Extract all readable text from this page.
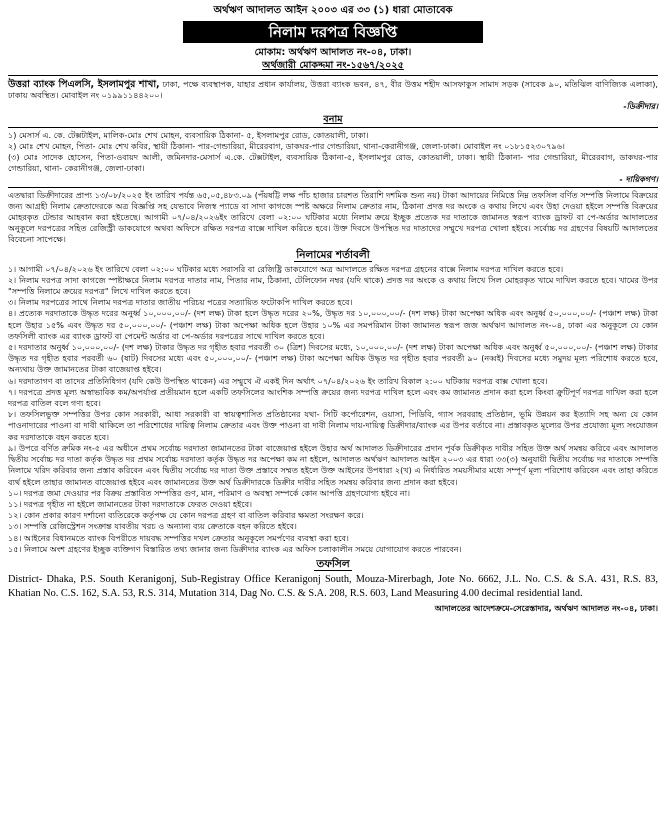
অর্থঋণ আদালত আইন ২০০৩ এর ৩৩ (১) ধারা মোতাবেক
নিলাম দরপত্র বিজ্ঞপ্তি
মোকাম: অর্থঋণ আদালত নং-০৪, ঢাকা।
অর্থজারী মোকদ্দমা নং-১৫৬৭/২০২৫

উত্তরা ব্যাংক পিএলসি, ইসলামপুর শাখা, ঢাকা, পক্ষে ব্যবস্থাপক, যাহার প্রধান কার্যালয়, উত্তরা ব্যাংক ভবন, ৪৭, বীর উত্তম শহীদ আসফাকুস সামাদ সড়ক (সাবেক ৯০, মতিঝিল বাণিজ্যিক এলাকা), ঢাকায় অবস্থিত। মোবাইল নং ০১৯৯১১৪৪২০০।

-ডিক্রীদার।

বনাম

১) মেসার্স এ. কে. টেক্সটাইল, মালিক-মোঃ শেখ মোহন, ব্যবসায়িক ঠিকানা- ৫, ইসলামপুর রোড, কোতয়ালী, ঢাকা।

২) মোঃ শেখ মোহন, পিতা- মোঃ শেখ কবির, স্থায়ী ঠিকানা- পার-গেন্ডারিয়া, মীরেরবাগ, ডাকঘর-পার গেন্ডারিয়া, থানা-কেরানীগঞ্জ, জেলা-ঢাকা। মোবাইল নং ০১৮১৫২৩০৭৯৬।

(৩) মোঃ সাদেক হোসেন, পিতা-ওবায়দ আলী, জমিনদার-মেসার্স এ.কে. টেক্সটাইল, ব্যবসায়িক ঠিকানা-৫, ইসলামপুর রোড, কোতয়ালী, ঢাকা। স্থায়ী ঠিকানা- পার গেন্ডারিয়া, মীরেরবাগ, ডাকঘর-পার গেন্ডারিয়া, থানা- কেরানীগঞ্জ, জেলা-ঢাকা।

- দায়িকগণ।

এতদ্বারা ডিক্রীদারের প্রাপ্য ১৩/০৮/২০২৫ ইং তারিখ পর্যন্ত ৬৫,০৫,৪৮৩.০৯ (পঁয়ষট্টি লক্ষ পাঁচ হাজার চারশত তিরাশি দশমিক শুন্য নয়) টাকা আদায়ের নিমিত্তে নিম্ন তফসিল বর্ণিত সম্পত্তি নিলামে বিক্রয়ের জন্য আগ্রহী নিলাম ক্রেতাদেরকে অত্র বিজ্ঞপ্তি সহ যেভাবে নিজস্ব প্যাডে বা সাদা কাগজে স্পষ্ট অক্ষরে নিলাম ক্রেতার নাম, ঠিকানা প্রদত্ত দর অংকে ও কথায় লিখে এবং উহা দেওয়া হইলে সম্পত্তি বিক্রয়ের মোহরকৃত টেন্ডার আহবান করা হইতেছে। আগামী ০৭/০৪/২০২৬ইং তারিখে বেলা ০২:০০ ঘটিকার মধ্যে নিলাম ক্রয়ে ইচ্ছুক প্রত্যেক দর দাতাকে জামানত স্বরূপ ব্যাংক ড্রাফট বা পে-অর্ডার আদালতের অনুকূলে দরপত্রের সহিত রেজিস্ট্রী ডাকযোগে অথবা অফিসে রক্ষিত দরপত্র বাক্সে দাখিল করিতে হবে। উক্ত দিবসে উপস্থিত দর দাতাদের সম্মুখে দরপত্র খোলা হইবে। সর্বোচ্চ দর গ্রহণের বিষয়টি আদালতের বিবেচনা সাপেক্ষে।

নিলামের শর্তাবলী

১। আগামী ০৭/০৪/২০২৬ ইং তারিখে বেলা ০২:০০ ঘটিকার মধ্যে সরাসরি বা রেজিষ্ট্রি ডাকযোগে অত্র আদালতে রক্ষিত দরপত্র গ্রহনের বাক্সে নিলাম দরপত্র দাখিল করতে হবে।

২। নিলাম দরপত্র সাদা কাগজে স্পষ্টাক্ষরে নিলাম দরপত্র দাতার নাম, পিতার নাম, ঠিকানা, টেলিফোন নম্বর (যদি থাকে) প্রদত্ত দর অংকে ও কথায় লিখে সিল মোহরকৃত খামে দাখিল করতে হবে। খামের উপর "সম্পত্তি নিলামে ক্রয়ের দরপত্র" লিখে দাখিল করতে হবে।

৩। নিলাম দরপত্রের সাথে নিলাম দরপত্র দাতার জাতীয় পরিচয় পত্রের সত্যায়িত ফটোকপি দাখিল করতে হবে।

৪। প্রত্যেক দরদাতাকে উদ্ধৃত দরের অনুর্ধ্ব ১০,০০০,০০/- (দশ লক্ষ) টাকা হলে উদ্ধৃত দরের ২০%, উদ্ধৃত দর ১০,০০০,০০/- (দশ লক্ষ) টাকা অপেক্ষা অধিক এবং অনুর্ধ্ব ৫০,০০০,০০/- (পঞ্চাশ লক্ষ) টাকা হলে উহার ১৫% এবং উদ্ধৃত দর ৫০,০০০,০০/- (পঞ্চাশ লক্ষ) টাকা অপেক্ষা অধিক হলে উহার ১০% এর সমপরিমান টাকা জামানত স্বরূপ জজ অর্থঋণ আদালত নং-০৪, ঢাকা এর অনুকূলে যে কোন তফসিলী ব্যাংক এর ব্যাংক ড্রাফট বা পেমেন্ট অর্ডার বা পে-অর্ডার দরপত্রের সাথে দাখিল করতে হবে।

৫। দরদাতার অনুর্ধ্ব ১০,০০০,০০/- (দশ লক্ষ) টাকার উদ্ধৃত দর গৃহীত হবার পরবর্তী ৩০ (ত্রিশ) দিবসের মধ্যে, ১০,০০০,০০/- (দশ লক্ষ) টাকা অপেক্ষা অধিক এবং অনুর্ধ্ব ৫০,০০০,০০/- (পঞ্চাশ লক্ষ) টাকার উদ্ধৃত দর গৃহীত হবার পরবর্তী ৬০ (ষাট) দিবসের মধ্যে এবং ৫০,০০০,০০/- (পঞ্চাশ লক্ষ) টাকা অপেক্ষা অধিক উদ্ধৃত দর গৃহীত হবার পরবর্তী ৯০ (নব্বই) দিবসের মধ্যে সমুদয় মূল্য পরিশোধ করতে হবে, অন্যথায় উক্ত জামানতের টাকা বাজেয়াপ্ত হইবে।

৬। দরদাতাগণ বা তাদের প্রতিনিধিগণ (যদি কেউ উপস্থিত থাকেন) এর সম্মুখে ঐ একই দিন অর্থাৎ ০৭/০৪/২০২৬ ইং তারিখ বিকাল ২:০০ ঘটিকায় দরপত্র বাক্স খোলা হবে।

৭। দরপত্রে প্রদত্ত মূল্য অস্বাভাবিক কম/অপর্যাপ্ত প্রতীয়মান হলে একটি তফসিলের আংশিক সম্পত্তি ক্রয়ের জন্য দরপত্র দাখিল হলে এবং কম জামানত প্রদান করা হলে কিংবা ক্রুটিপূর্ণ দরপত্র দাখিল করা হলে দরপত্র বাতিল বলে গণ্য হবে।

৮। তফসিলভুক্ত সম্পত্তির উপর কোন সরকারী, আধা সরকারী বা স্বায়ত্বশাসিত প্রতিষ্ঠানের যথা- সিটি কর্পোরেশন, ওয়াসা, পিডিবি, গ্যাস সরবরাহ প্রতিষ্ঠান, ভূমি উন্নয়ন কর ইত্যাদি সহ অন্য যে কোন পাওনাদারের পাওনা বা দাবী থাকিলে তা পরিশোধের দায়িত্ব নিলাম ক্রেতার এবং উক্ত পাওনা বা দাবী নিলাম দায়-দায়িত্ব ডিক্রীদার/ব্যাংক এর উপর বর্তাবে না। প্রস্তাবকৃত মূল্যের উপর প্রযোজ্য মূল্য সংযোজন কর দরদাতাকে বহন করতে হবে।

৯। উপরে বর্ণিত ক্রমিক নং-৫ এর অধীনে প্রথম সর্বোচ্চ দরদাতা জামানতের টাকা বাজেয়াপ্ত হইলে উহার অর্থ আদালত ডিক্রীদারের প্রদান পূর্বক ডিক্রীকৃত দাবীর সহিত উক্ত অর্থ সমন্বয় করিবে এবং আদালত দ্বিতীয় সর্বোচ্চ দর দাতা কর্তৃক উদ্ধৃত দর প্রথম সর্বোচ্চ দরদাতা কর্তৃক উদ্ধৃত দর অপেক্ষা কম না হইলে, আদালত অর্থঋণ আদালত আইন ২০০৩ এর ধারা ৩৩(৩) অনুযায়ী দ্বিতীয় সর্বোচ্চ দর দাতাকে সম্পত্তি নিলামে খরিদ করিবার জন্য প্রস্তাব করিবেন এবং দ্বিতীয় সর্বোচ্চ দর দাতা উক্ত প্রস্তাবে সম্মত হইলে উক্ত আইনের উপধারা ২(খ) এ নির্ধারিত সময়সীমার মধ্যে সম্পূর্ণ মূল্য পরিশোধ করিবেন এবং তাহা করিতে ব্যর্থ হইলে তাহার জামানত বাজেয়াপ্ত হইবে এবং জামানতের উক্ত অর্থ ডিক্রীদারকে ডিক্রীর দাবীর সহিত সমন্বয় করিবার জন্য প্রদান করা হইবে।

১০। দরপত্র জমা দেওয়ার পর বিক্রয় প্রস্তাবিত সম্পত্তির গুণ, মান, পরিমাণ ও অবস্থা সম্পর্কে কোন আপত্তি গ্রহণযোগ্য হইবে না।

১১। দরপত্র গৃহীত না হইলে জামানতের টাকা দরদাতাকে ফেরত দেওয়া হইবে।

১২। কোন প্রকার কারণ দর্শানো ব্যতিরেকে কর্তৃপক্ষ যে কোন দরপত্র গ্রহণ বা বাতিল করিবার ক্ষমতা সংরক্ষণ করে।

১৩। সম্পত্তি রেজিস্ট্রেশন সংক্রান্ত যাবতীয় খরচ ও অন্যান্য ব্যয় ক্রেতাকে বহন করিতে হইবে।

১৪। আইনের বিধানমতে ব্যাংক বিপরীতে দায়বদ্ধ সম্পত্তির দখল ক্রেতার অনুকূলে সমর্পণের ব্যবস্থা করা হবে।

১৫। নিলামে অংশ গ্রহণের ইচ্ছুক ব্যক্তিগণ বিস্তারিত তথ্য জানার জন্য ডিক্রীদার ব্যাংক এর অফিস চলাকালীন সময়ে যোগাযোগ করতে পারবেন।

তফসিল

District- Dhaka, P.S. South Keranigonj, Sub-Registray Office Keranigonj South, Mouza-Mirerbagh, Jote No. 6662, J.L. No. C.S. & S.A. 431, R.S. 83, Khatian No. C.S. 162, S.A. 53, R.S. 314, Mutation 314, Dag No. C.S. & S.A. 208, R.S. 603, Land Measuring 4.00 decimal residential land.

আদালতের আদেশক্রমে-সেরেস্তাদার, অর্থঋণ আদালত নং-০৪, ঢাকা।
